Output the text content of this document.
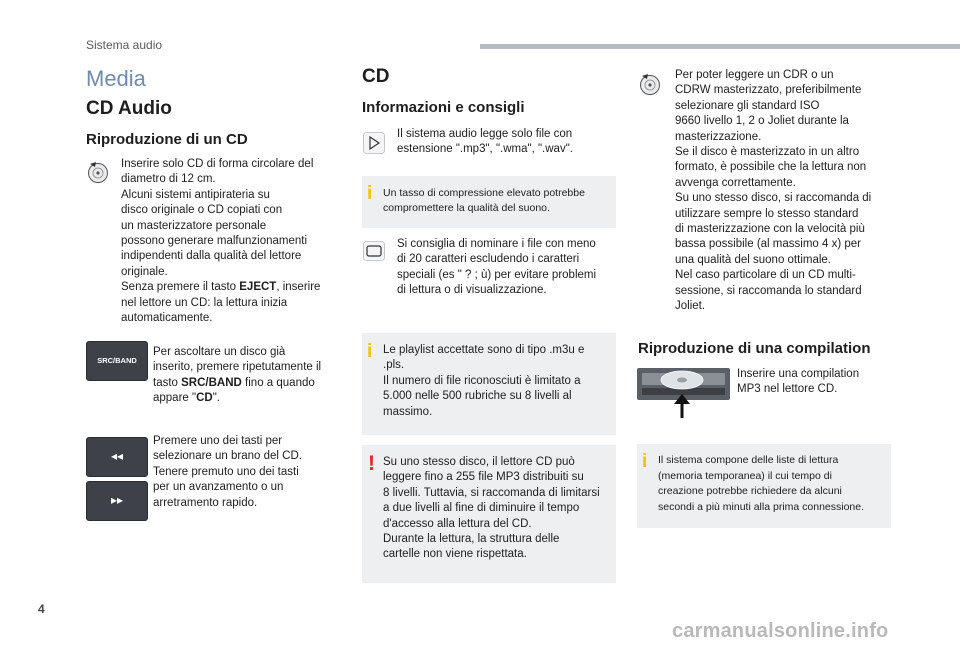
Sistema audio
Media
CD Audio
Riproduzione di un CD
Inserire solo CD di forma circolare del
diametro di 12 cm.
Alcuni sistemi antipirateria su
disco originale o CD copiati con
un masterizzatore personale
possono generare malfunzionamenti
indipendenti dalla qualità del lettore
originale.
Senza premere il tasto EJECT, inserire
nel lettore un CD: la lettura inizia
automaticamente.
SRC/BAND
Per ascoltare un disco già
inserito, premere ripetutamente il
tasto SRC/BAND fino a quando
appare "CD".
◂◂
▸▸
Premere uno dei tasti per
selezionare un brano del CD.
Tenere premuto uno dei tasti
per un avanzamento o un
arretramento rapido.
CD
Informazioni e consigli
Il sistema audio legge solo file con
estensione ".mp3", ".wma", ".wav".
i Un tasso di compressione elevato potrebbe
compromettere la qualità del suono.
Si consiglia di nominare i file con meno
di 20 caratteri escludendo i caratteri
speciali (es " ? ; ù) per evitare problemi
di lettura o di visualizzazione.
i Le playlist accettate sono di tipo .m3u e
.pls.
Il numero di file riconosciuti è limitato a
5.000 nelle 500 rubriche su 8 livelli al
massimo.
! Su uno stesso disco, il lettore CD può
leggere fino a 255 file MP3 distribuiti su
8 livelli. Tuttavia, si raccomanda di limitarsi
a due livelli al fine di diminuire il tempo
d'accesso alla lettura del CD.
Durante la lettura, la struttura delle
cartelle non viene rispettata.
Per poter leggere un CDR o un
CDRW masterizzato, preferibilmente
selezionare gli standard ISO
9660 livello 1, 2 o Joliet durante la
masterizzazione.
Se il disco è masterizzato in un altro
formato, è possibile che la lettura non
avvenga correttamente.
Su uno stesso disco, si raccomanda di
utilizzare sempre lo stesso standard
di masterizzazione con la velocità più
bassa possibile (al massimo 4 x) per
una qualità del suono ottimale.
Nel caso particolare di un CD multi-
sessione, si raccomanda lo standard
Joliet.
Riproduzione di una compilation
Inserire una compilation
MP3 nel lettore CD.
i Il sistema compone delle liste di lettura
(memoria temporanea) il cui tempo di
creazione potrebbe richiedere da alcuni
secondi a più minuti alla prima connessione.
4
carmanualsonline.info
